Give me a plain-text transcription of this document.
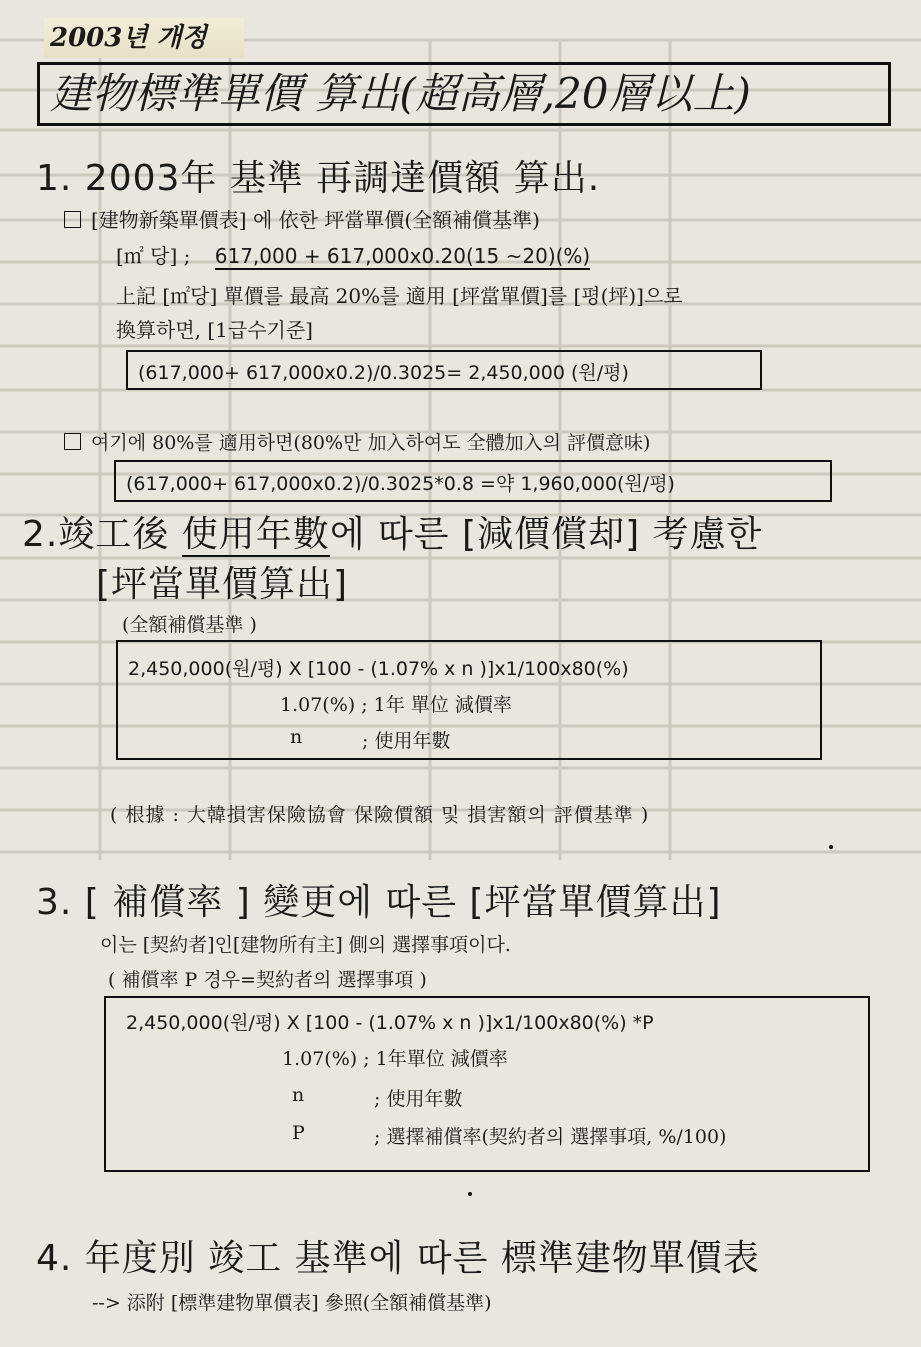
2003년 개정
建物標準單價 算出(超高層,20層以上)
1. 2003年 基準 再調達價額 算出.
[建物新築單價表] 에 依한 坪當單價(全額補償基準)
[㎡ 당] ; 617,000 + 617,000x0.20(15 ~20)(%)
上記 [㎡당] 單價를 最高 20%를 適用 [坪當單價]를 [평(坪)]으로
換算하면, [1급수기준]
(617,000+ 617,000x0.2)/0.3025= 2,450,000 (원/평)
여기에 80%를 適用하면(80%만 加入하여도 全體加入의 評價意味)
(617,000+ 617,000x0.2)/0.3025*0.8 =약 1,960,000(원/평)
2.竣工後 使用年數에 따른 [減價償却] 考慮한
[坪當單價算出]
(全額補償基準 )
2,450,000(원/평) X [100 - (1.07% x n )]x1/100x80(%)
1.07(%) ; 1年 單位 減價率
n	; 使用年數
( 根據 : 大韓損害保險協會 保險價額 및 損害額의 評價基準 )
3. [ 補償率 ] 變更에 따른 [坪當單價算出]
이는 [契約者]인[建物所有主] 側의 選擇事項이다.
( 補償率 P 경우=契約者의 選擇事項 )
2,450,000(원/평) X [100 - (1.07% x n )]x1/100x80(%) *P
1.07(%) ; 1年單位 減價率
n	; 使用年數
P	; 選擇補償率(契約者의 選擇事項, %/100)
4. 年度別 竣工 基準에 따른 標準建物單價表
--> 添附 [標準建物單價表] 參照(全額補償基準)
